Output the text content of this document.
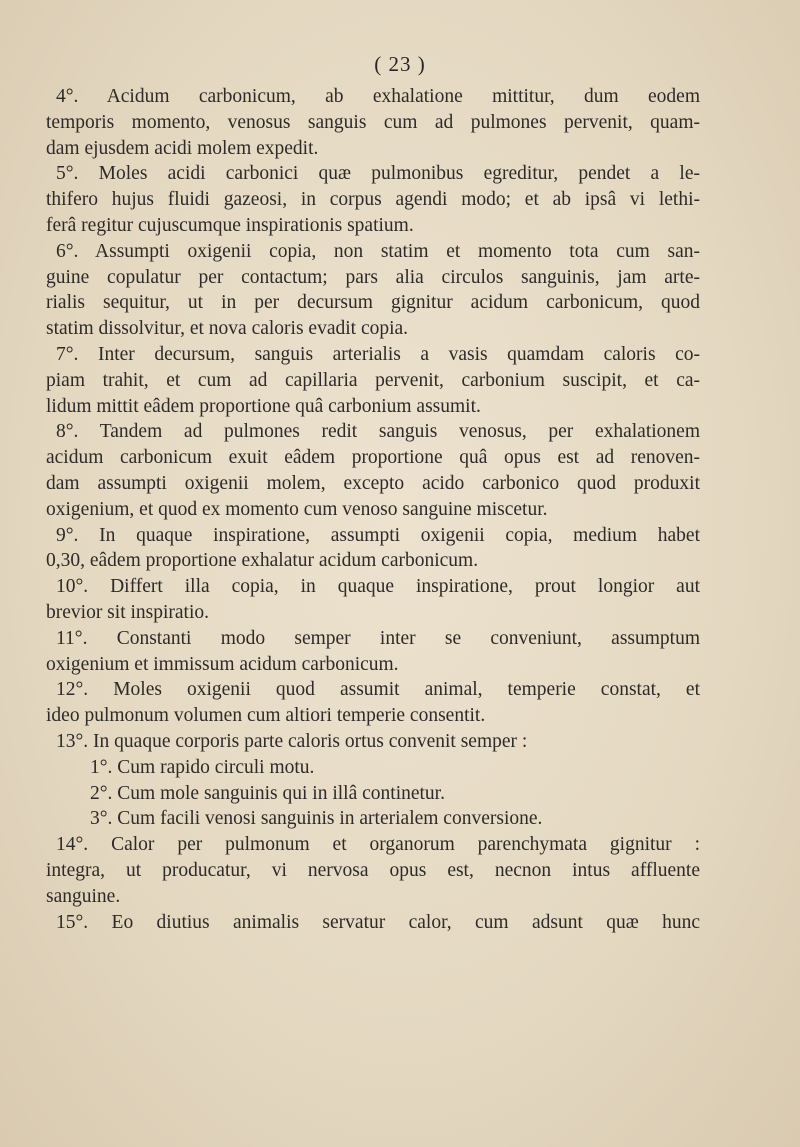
( 23 )
4°. Acidum carbonicum, ab exhalatione mittitur, dum eodem
temporis momento, venosus sanguis cum ad pulmones pervenit, quam-
dam ejusdem acidi molem expedit.
5°. Moles acidi carbonici quæ pulmonibus egreditur, pendet a le-
thifero hujus fluidi gazeosi, in corpus agendi modo; et ab ipsâ vi lethi-
ferâ regitur cujuscumque inspirationis spatium.
6°. Assumpti oxigenii copia, non statim et momento tota cum san-
guine copulatur per contactum; pars alia circulos sanguinis, jam arte-
rialis sequitur, ut in per decursum gignitur acidum carbonicum, quod
statim dissolvitur, et nova caloris evadit copia.
7°. Inter decursum, sanguis arterialis a vasis quamdam caloris co-
piam trahit, et cum ad capillaria pervenit, carbonium suscipit, et ca-
lidum mittit eâdem proportione quâ carbonium assumit.
8°. Tandem ad pulmones redit sanguis venosus, per exhalationem
acidum carbonicum exuit eâdem proportione quâ opus est ad renoven-
dam assumpti oxigenii molem, excepto acido carbonico quod produxit
oxigenium, et quod ex momento cum venoso sanguine miscetur.
9°. In quaque inspiratione, assumpti oxigenii copia, medium habet
0,30, eâdem proportione exhalatur acidum carbonicum.
10°. Differt illa copia, in quaque inspiratione, prout longior aut
brevior sit inspiratio.
11°. Constanti modo semper inter se conveniunt, assumptum
oxigenium et immissum acidum carbonicum.
12°. Moles oxigenii quod assumit animal, temperie constat, et
ideo pulmonum volumen cum altiori temperie consentit.
13°. In quaque corporis parte caloris ortus convenit semper :
1°. Cum rapido circuli motu.
2°. Cum mole sanguinis qui in illâ continetur.
3°. Cum facili venosi sanguinis in arterialem conversione.
14°. Calor per pulmonum et organorum parenchymata gignitur :
integra, ut producatur, vi nervosa opus est, necnon intus affluente
sanguine.
15°. Eo diutius animalis servatur calor, cum adsunt quæ hunc
